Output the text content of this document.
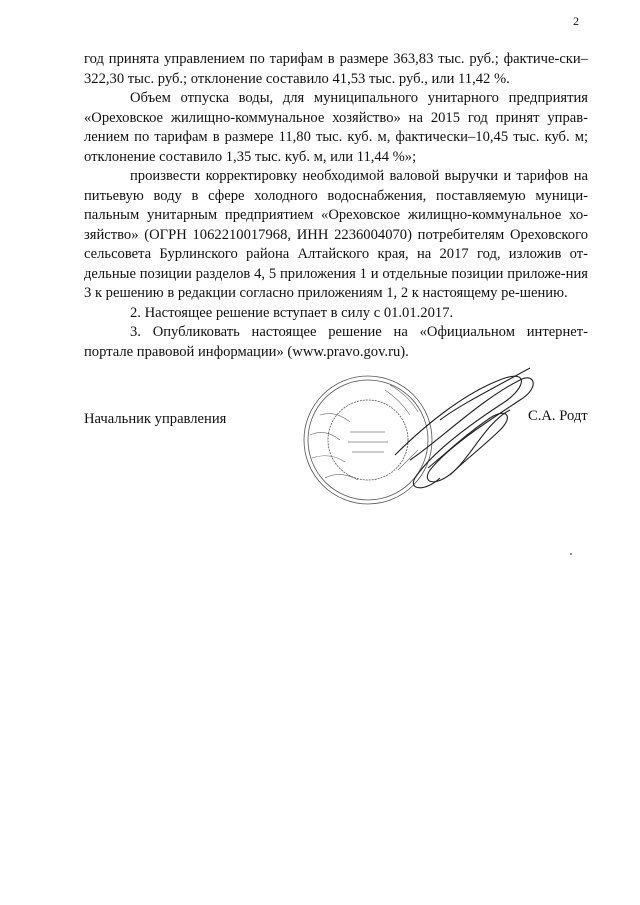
2

год принята управлением по тарифам в размере 363,83 тыс. руб.; фактиче-ски–322,30 тыс. руб.; отклонение составило 41,53 тыс. руб., или 11,42 %.

Объем отпуска воды, для муниципального унитарного предприятия «Ореховское жилищно-коммунальное хозяйство» на 2015 год принят управ-лением по тарифам в размере 11,80 тыс. куб. м, фактически–10,45 тыс. куб. м; отклонение составило 1,35 тыс. куб. м, или 11,44 %»;

произвести корректировку необходимой валовой выручки и тарифов на питьевую воду в сфере холодного водоснабжения, поставляемую муници-пальным унитарным предприятием «Ореховское жилищно-коммунальное хо-зяйство» (ОГРН 1062210017968, ИНН 2236004070) потребителям Ореховского сельсовета Бурлинского района Алтайского края, на 2017 год, изложив от-дельные позиции разделов 4, 5 приложения 1 и отдельные позиции приложе-ния 3 к решению в редакции согласно приложениям 1, 2 к настоящему ре-шению.

2. Настоящее решение вступает в силу с 01.01.2017.

3. Опубликовать настоящее решение на «Официальном интернет-портале правовой информации» (www.pravo.gov.ru).

Начальник управления	С.А. Родт
